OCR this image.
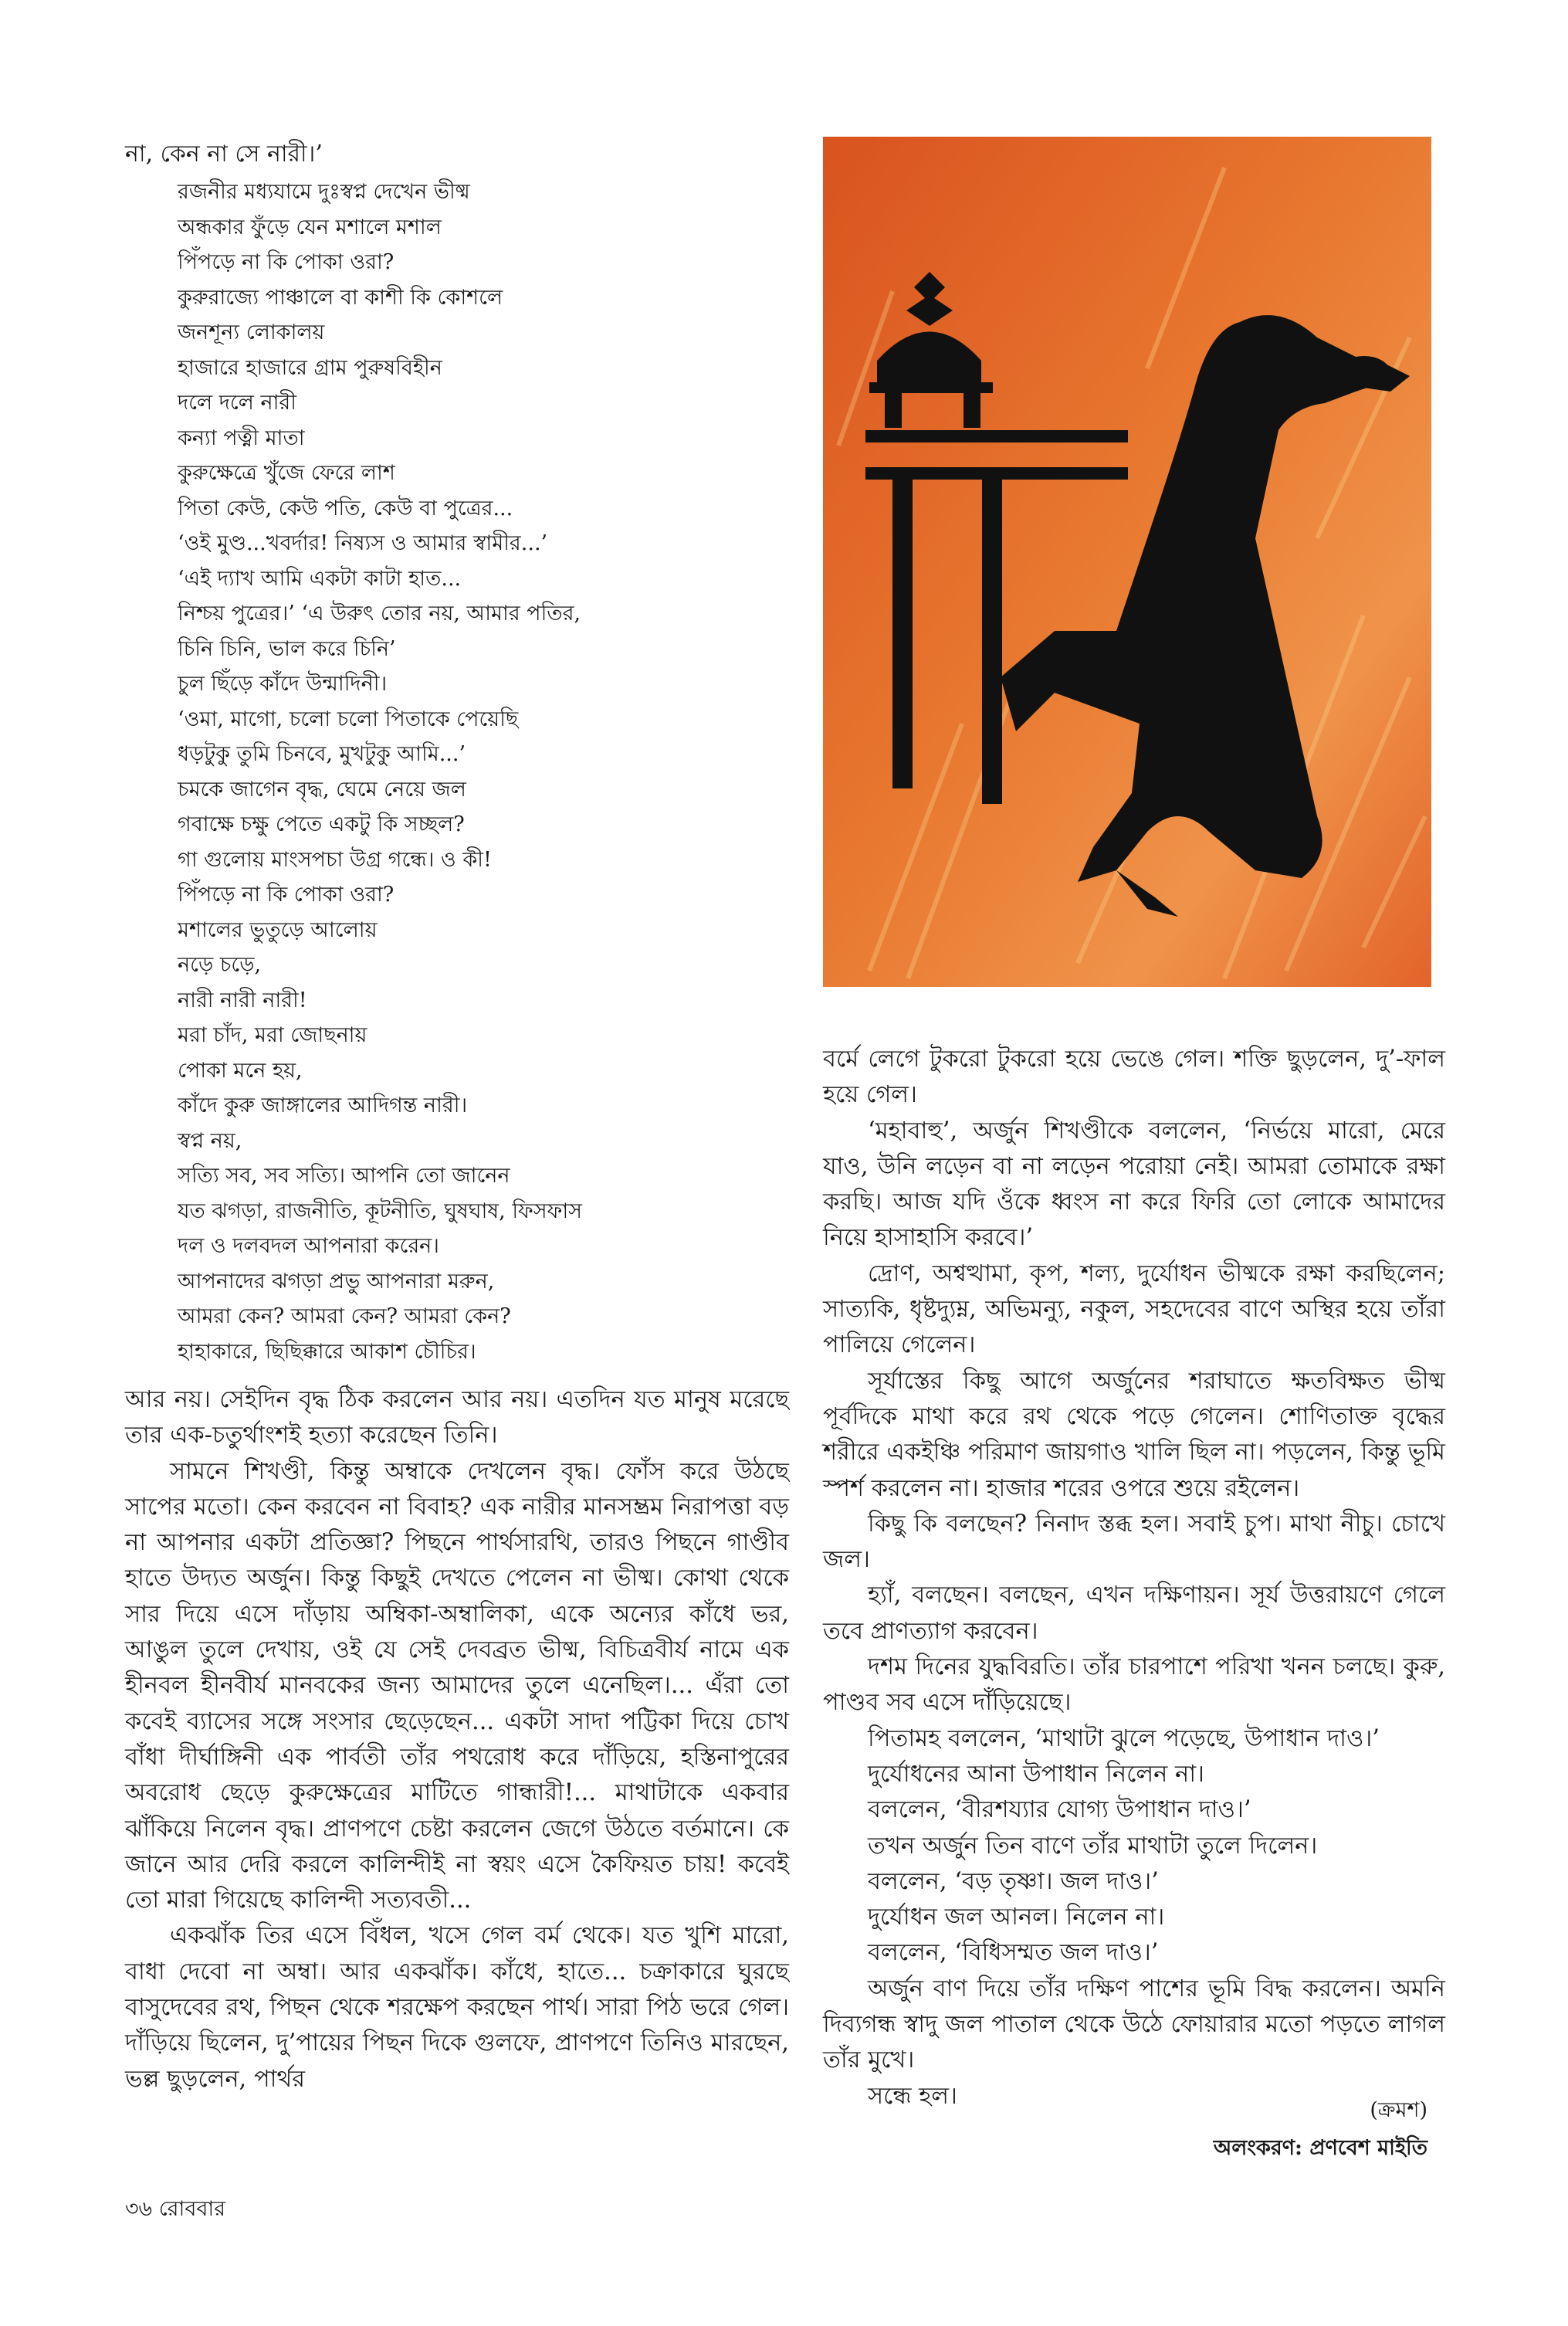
না, কেন না সে নারী।’
রজনীর মধ্যযামে দুঃস্বপ্ন দেখেন ভীষ্ম
অন্ধকার ফুঁড়ে যেন মশালে মশাল
পিঁপড়ে না কি পোকা ওরা?
কুরুরাজ্যে পাঞ্চালে বা কাশী কি কোশলে
জনশূন্য লোকালয়
হাজারে হাজারে গ্রাম পুরুষবিহীন
দলে দলে নারী
কন্যা পত্নী মাতা
কুরুক্ষেত্রে খুঁজে ফেরে লাশ
পিতা কেউ, কেউ পতি, কেউ বা পুত্রের...
‘ওই মুণ্ড...খবর্দার! নিষ্যস ও আমার স্বামীর...’
‘এই দ্যাখ আমি একটা কাটা হাত...
নিশ্চয় পুত্রের।’ ‘এ উরুৎ তোর নয়, আমার পতির,
চিনি চিনি, ভাল করে চিনি’
চুল ছিঁড়ে কাঁদে উন্মাদিনী।
‘ওমা, মাগো, চলো চলো পিতাকে পেয়েছি
ধড়টুকু তুমি চিনবে, মুখটুকু আমি...’
চমকে জাগেন বৃদ্ধ, ঘেমে নেয়ে জল
গবাক্ষে চক্ষু পেতে একটু কি সচ্ছল?
গা গুলোয় মাংসপচা উগ্র গন্ধে। ও কী!
পিঁপড়ে না কি পোকা ওরা?
মশালের ভুতুড়ে আলোয়
নড়ে চড়ে,
নারী নারী নারী!
মরা চাঁদ, মরা জোছনায়
পোকা মনে হয়,
কাঁদে কুরু জাঙ্গালের আদিগন্ত নারী।
স্বপ্ন নয়,
সত্যি সব, সব সত্যি। আপনি তো জানেন
যত ঝগড়া, রাজনীতি, কূটনীতি, ঘুষঘাষ, ফিসফাস
দল ও দলবদল আপনারা করেন।
আপনাদের ঝগড়া প্রভু আপনারা মরুন,
আমরা কেন? আমরা কেন? আমরা কেন?
হাহাকারে, ছিছিক্কারে আকাশ চৌচির।

আর নয়। সেইদিন বৃদ্ধ ঠিক করলেন আর নয়। এতদিন যত মানুষ মরেছে তার এক-চতুর্থাংশই হত্যা করেছেন তিনি।

সামনে শিখণ্ডী, কিন্তু অম্বাকে দেখলেন বৃদ্ধ। ফোঁস করে উঠছে সাপের মতো। কেন করবেন না বিবাহ? এক নারীর মানসম্ভ্রম নিরাপত্তা বড় না আপনার একটা প্রতিজ্ঞা? পিছনে পার্থসারথি, তারও পিছনে গাণ্ডীব হাতে উদ্যত অর্জুন। কিন্তু কিছুই দেখতে পেলেন না ভীষ্ম। কোথা থেকে সার দিয়ে এসে দাঁড়ায় অম্বিকা-অম্বালিকা, একে অন্যের কাঁধে ভর, আঙুল তুলে দেখায়, ওই যে সেই দেবব্রত ভীষ্ম, বিচিত্রবীর্য নামে এক হীনবল হীনবীর্য মানবকের জন্য আমাদের তুলে এনেছিল।... এঁরা তো কবেই ব্যাসের সঙ্গে সংসার ছেড়েছেন... একটা সাদা পট্টিকা দিয়ে চোখ বাঁধা দীর্ঘাঙ্গিনী এক পার্বতী তাঁর পথরোধ করে দাঁড়িয়ে, হস্তিনাপুরের অবরোধ ছেড়ে কুরুক্ষেত্রের মাটিতে গান্ধারী!... মাথাটাকে একবার ঝাঁকিয়ে নিলেন বৃদ্ধ। প্রাণপণে চেষ্টা করলেন জেগে উঠতে বর্তমানে। কে জানে আর দেরি করলে কালিন্দীই না স্বয়ং এসে কৈফিয়ত চায়! কবেই তো মারা গিয়েছে কালিন্দী সত্যবতী...

একঝাঁক তির এসে বিঁধল, খসে গেল বর্ম থেকে। যত খুশি মারো, বাধা দেবো না অম্বা। আর একঝাঁক। কাঁধে, হাতে... চক্রাকারে ঘুরছে বাসুদেবের রথ, পিছন থেকে শরক্ষেপ করছেন পার্থ। সারা পিঠ ভরে গেল। দাঁড়িয়ে ছিলেন, দু’পায়ের পিছন দিকে গুলফে, প্রাণপণে তিনিও মারছেন, ভল্ল ছুড়লেন, পার্থর

বর্মে লেগে টুকরো টুকরো হয়ে ভেঙে গেল। শক্তি ছুড়লেন, দু’-ফাল হয়ে গেল।

‘মহাবাহু’, অর্জুন শিখণ্ডীকে বললেন, ‘নির্ভয়ে মারো, মেরে যাও, উনি লড়েন বা না লড়েন পরোয়া নেই। আমরা তোমাকে রক্ষা করছি। আজ যদি ওঁকে ধ্বংস না করে ফিরি তো লোকে আমাদের নিয়ে হাসাহাসি করবে।’

দ্রোণ, অশ্বত্থামা, কৃপ, শল্য, দুর্যোধন ভীষ্মকে রক্ষা করছিলেন; সাত্যকি, ধৃষ্টদ্যুম্ন, অভিমন্যু, নকুল, সহদেবের বাণে অস্থির হয়ে তাঁরা পালিয়ে গেলেন।

সূর্যাস্তের কিছু আগে অর্জুনের শরাঘাতে ক্ষতবিক্ষত ভীষ্ম পূর্বদিকে মাথা করে রথ থেকে পড়ে গেলেন। শোণিতাক্ত বৃদ্ধের শরীরে একইঞ্চি পরিমাণ জায়গাও খালি ছিল না। পড়লেন, কিন্তু ভূমি স্পর্শ করলেন না। হাজার শরের ওপরে শুয়ে রইলেন।

কিছু কি বলছেন? নিনাদ স্তব্ধ হল। সবাই চুপ। মাথা নীচু। চোখে জল।

হ্যাঁ, বলছেন। বলছেন, এখন দক্ষিণায়ন। সূর্য উত্তরায়ণে গেলে তবে প্রাণত্যাগ করবেন।

দশম দিনের যুদ্ধবিরতি। তাঁর চারপাশে পরিখা খনন চলছে। কুরু, পাণ্ডব সব এসে দাঁড়িয়েছে।

পিতামহ বললেন, ‘মাথাটা ঝুলে পড়েছে, উপাধান দাও।’

দুর্যোধনের আনা উপাধান নিলেন না।

বললেন, ‘বীরশয্যার যোগ্য উপাধান দাও।’

তখন অর্জুন তিন বাণে তাঁর মাথাটা তুলে দিলেন।

বললেন, ‘বড় তৃষ্ণা। জল দাও।’

দুর্যোধন জল আনল। নিলেন না।

বললেন, ‘বিধিসম্মত জল দাও।’

অর্জুন বাণ দিয়ে তাঁর দক্ষিণ পাশের ভূমি বিদ্ধ করলেন। অমনি দিব্যগন্ধ স্বাদু জল পাতাল থেকে উঠে ফোয়ারার মতো পড়তে লাগল তাঁর মুখে।

সন্ধে হল।

(ক্রমশ)
অলংকরণ: প্রণবেশ মাইতি
৩৬ রোববার
